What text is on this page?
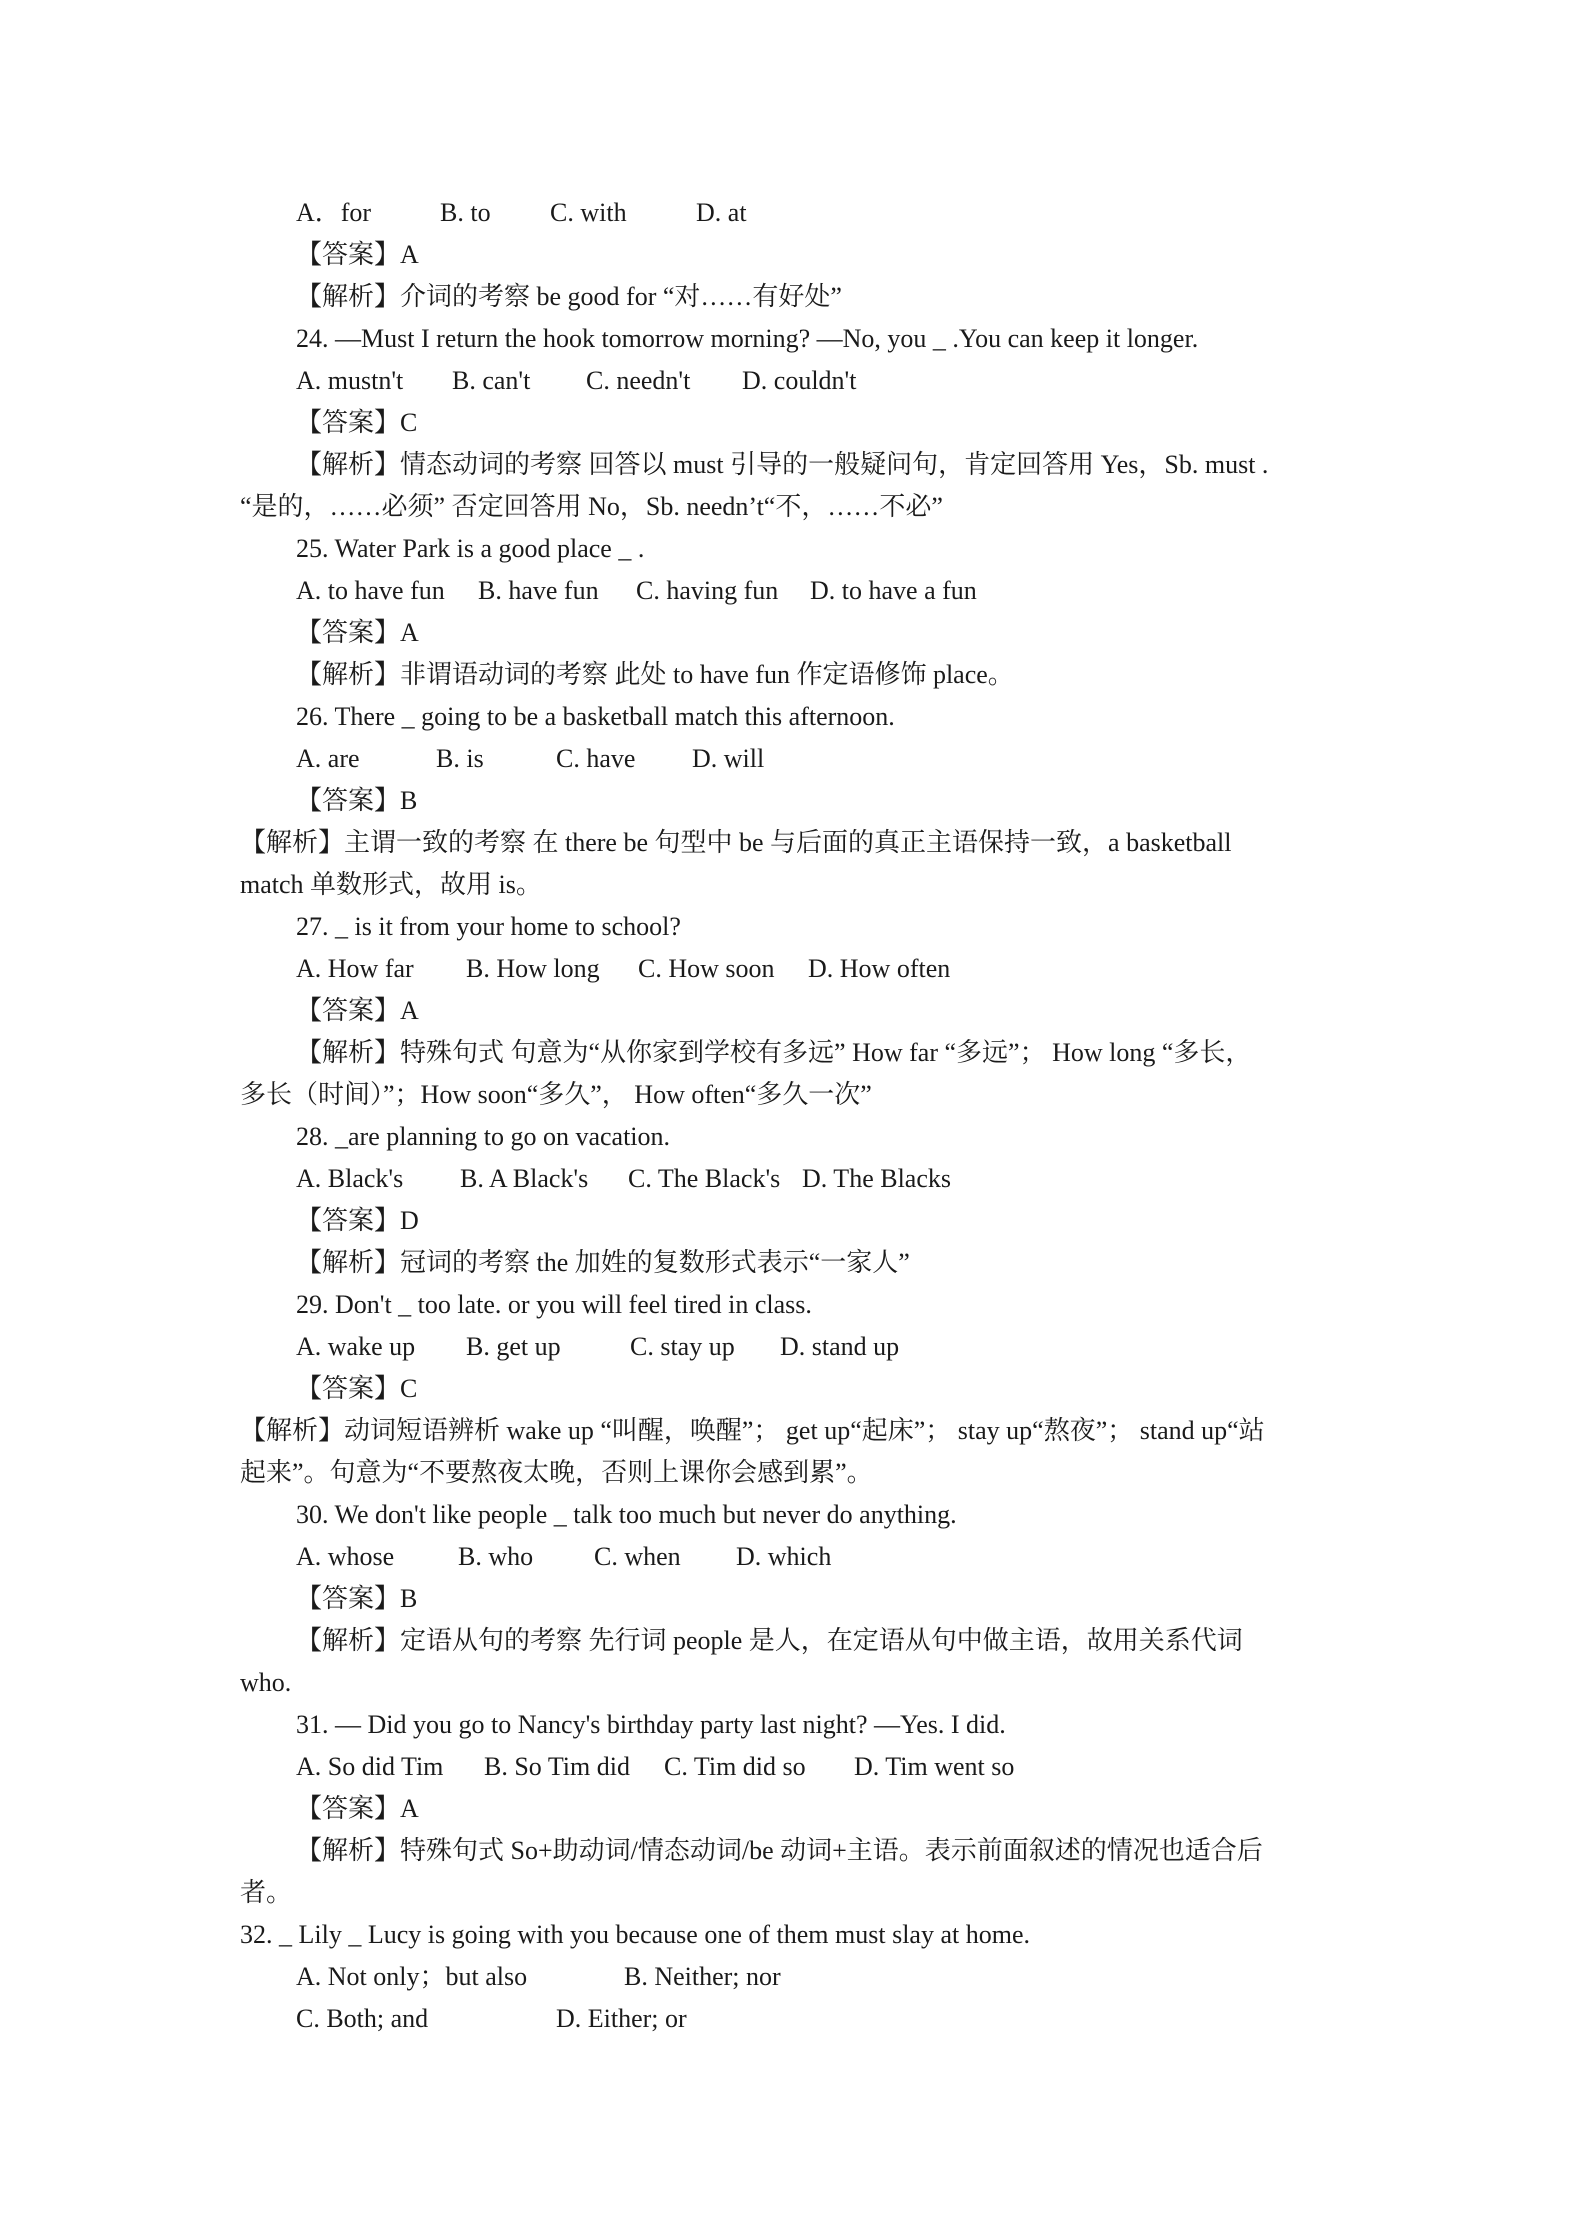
A．for	B. to C. with	D. at
【答案】A
【解析】介词的考察 be good for “对……有好处”
24. —Must I return the hook tomorrow morning? —No, you _ .You can keep it longer.
A. mustn't B. can't C. needn't D. couldn't
【答案】C
【解析】情态动词的考察 回答以 must 引导的一般疑问句，肯定回答用 Yes，Sb. must .
“是的，……必须” 否定回答用 No，Sb. needn’t“不，……不必”
25. Water Park is a good place _ .
A. to have fun B. have fun C. having fun D. to have a fun
【答案】A
【解析】非谓语动词的考察 此处 to have fun 作定语修饰 place。
26. There _ going to be a basketball match this afternoon.
A. are	B. is	C. have D. will
【答案】B
【解析】主谓一致的考察 在 there be 句型中 be 与后面的真正主语保持一致，a basketball
match 单数形式，故用 is。
27. _ is it from your home to school?
A. How far B. How long C. How soon D. How often
【答案】A
【解析】特殊句式 句意为“从你家到学校有多远” How far “多远”； How long “多长，
多长（时间）”；How soon“多久”， How often“多久一次”
28. _are planning to go on vacation.
A. Black's B. A Black's C. The Black's D. The Blacks
【答案】D
【解析】冠词的考察 the 加姓的复数形式表示“一家人”
29. Don't _ too late. or you will feel tired in class.
A. wake up B. get up	C. stay up D. stand up
【答案】C
【解析】动词短语辨析 wake up “叫醒，唤醒”； get up“起床”； stay up“熬夜”； stand up“站
起来”。句意为“不要熬夜太晚，否则上课你会感到累”。
30. We don't like people _ talk too much but never do anything.
A. whose B. who C. when D. which
【答案】B
【解析】定语从句的考察 先行词 people 是人，在定语从句中做主语，故用关系代词
who.
31. — Did you go to Nancy's birthday party last night? —Yes. I did.
A. So did Tim B. So Tim did C. Tim did so D. Tim went so
【答案】A
【解析】特殊句式 So+助动词/情态动词/be 动词+主语。表示前面叙述的情况也适合后
者。
32. _ Lily _ Lucy is going with you because one of them must slay at home.
A. Not only；but also	B. Neither; nor
C. Both; and	D. Either; or
